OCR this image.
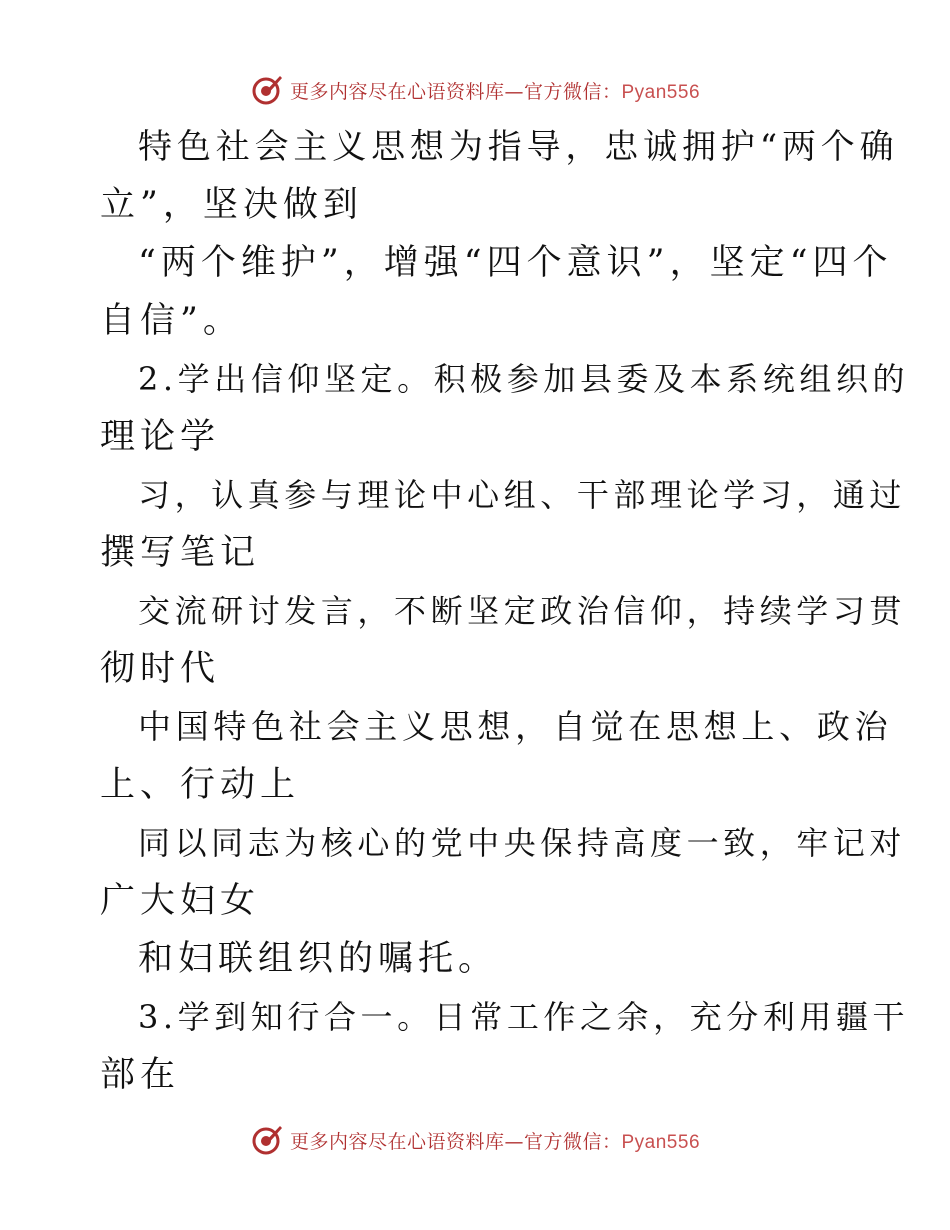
更多内容尽在心语资料库—官方微信：Pyan556
特色社会主义思想为指导，忠诚拥护“两个确
立”，坚决做到
“两个维护”，增强“四个意识”，坚定“四个
自信”。
2.学出信仰坚定。积极参加县委及本系统组织的
理论学
习，认真参与理论中心组、干部理论学习，通过
撰写笔记
交流研讨发言，不断坚定政治信仰，持续学习贯
彻时代
中国特色社会主义思想，自觉在思想上、政治
上、行动上
同以同志为核心的党中央保持高度一致，牢记对
广大妇女
和妇联组织的嘱托。
3.学到知行合一。日常工作之余，充分利用疆干
部在
更多内容尽在心语资料库—官方微信：Pyan556
